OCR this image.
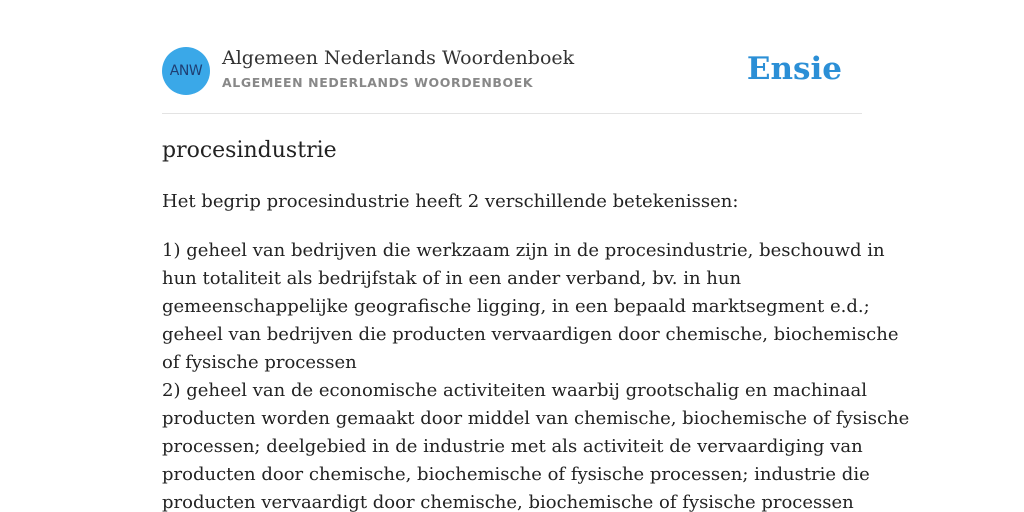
ANW
Algemeen Nederlands Woordenboek
ALGEMEEN NEDERLANDS WOORDENBOEK	Ensie
procesindustrie

Het begrip procesindustrie heeft 2 verschillende betekenissen:

1) geheel van bedrijven die werkzaam zijn in de procesindustrie, beschouwd in
hun totaliteit als bedrijfstak of in een ander verband, bv. in hun
gemeenschappelijke geografische ligging, in een bepaald marktsegment e.d.;
geheel van bedrijven die producten vervaardigen door chemische, biochemische
of fysische processen
2) geheel van de economische activiteiten waarbij grootschalig en machinaal
producten worden gemaakt door middel van chemische, biochemische of fysische
processen; deelgebied in de industrie met als activiteit de vervaardiging van
producten door chemische, biochemische of fysische processen; industrie die
producten vervaardigt door chemische, biochemische of fysische processen
